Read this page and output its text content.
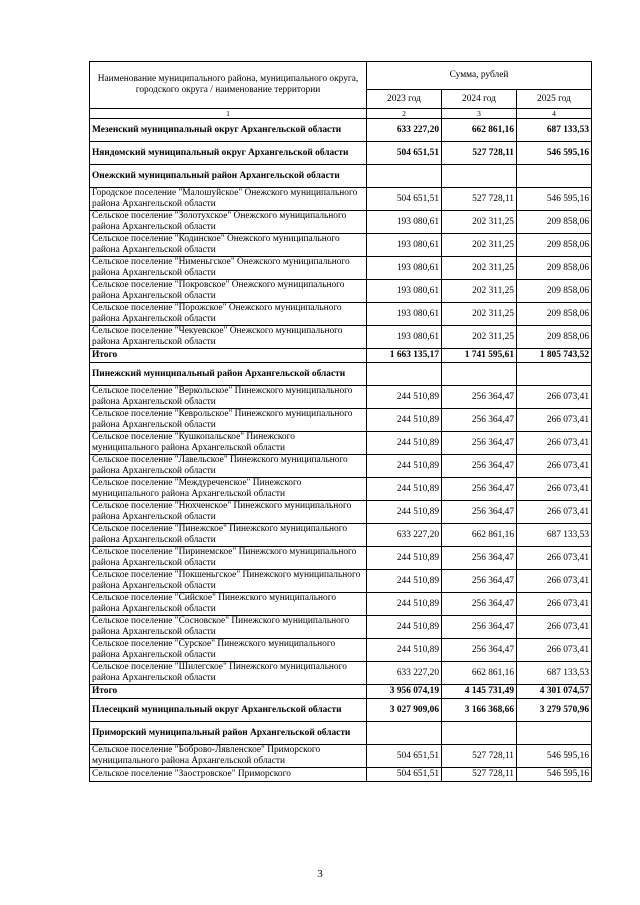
Наименование муниципального района, муниципального округа, городского округа / наименование территории	Сумма, рублей		
	2023 год	2024 год	2025 год
1	2	3	4
Мезенский муниципальный округ Архангельской области	633 227,20	662 861,16	687 133,53
Няндомский муниципальный округ Архангельской области	504 651,51	527 728,11	546 595,16
Онежский муниципальный район Архангельской области			
Городское поселение "Малошуйское" Онежского муниципального района Архангельской области	504 651,51	527 728,11	546 595,16
Сельское поселение "Золотухское" Онежского муниципального района Архангельской области	193 080,61	202 311,25	209 858,06
Сельское поселение "Кодинское" Онежского муниципального района Архангельской области	193 080,61	202 311,25	209 858,06
Сельское поселение "Нименьгское" Онежского муниципального района Архангельской области	193 080,61	202 311,25	209 858,06
Сельское поселение "Покровское" Онежского муниципального района Архангельской области	193 080,61	202 311,25	209 858,06
Сельское поселение "Порожское" Онежского муниципального района Архангельской области	193 080,61	202 311,25	209 858,06
Сельское поселение "Чекуевское" Онежского муниципального района Архангельской области	193 080,61	202 311,25	209 858,06
Итого	1 663 135,17	1 741 595,61	1 805 743,52
Пинежский муниципальный район Архангельской области			
Сельское поселение "Веркольское" Пинежского муниципального района Архангельской области	244 510,89	256 364,47	266 073,41
Сельское поселение "Кеврольское" Пинежского муниципального района Архангельской области	244 510,89	256 364,47	266 073,41
Сельское поселение "Кушкопальское" Пинежского муниципального района Архангельской области	244 510,89	256 364,47	266 073,41
Сельское поселение "Лавельское" Пинежского муниципального района Архангельской области	244 510,89	256 364,47	266 073,41
Сельское поселение "Междуреченское" Пинежского муниципального района Архангельской области	244 510,89	256 364,47	266 073,41
Сельское поселение "Нюхченское" Пинежского муниципального района Архангельской области	244 510,89	256 364,47	266 073,41
Сельское поселение "Пинежское" Пинежского муниципального района Архангельской области	633 227,20	662 861,16	687 133,53
Сельское поселение "Пиринемское" Пинежского муниципального района Архангельской области	244 510,89	256 364,47	266 073,41
Сельское поселение "Покшеньгское" Пинежского муниципального района Архангельской области	244 510,89	256 364,47	266 073,41
Сельское поселение "Сийское" Пинежского муниципального района Архангельской области	244 510,89	256 364,47	266 073,41
Сельское поселение "Сосновское" Пинежского муниципального района Архангельской области	244 510,89	256 364,47	266 073,41
Сельское поселение "Сурское" Пинежского муниципального района Архангельской области	244 510,89	256 364,47	266 073,41
Сельское поселение "Шилегское" Пинежского муниципального района Архангельской области	633 227,20	662 861,16	687 133,53
Итого	3 956 074,19	4 145 731,49	4 301 074,57
Плесецкий муниципальный округ Архангельской области	3 027 909,06	3 166 368,66	3 279 570,96
Приморский муниципальный район Архангельской области			
Сельское поселение "Боброво-Лявленское" Приморского муниципального района Архангельской области	504 651,51	527 728,11	546 595,16
Сельское поселение "Заостровское" Приморского	504 651,51	527 728,11	546 595,16
3
